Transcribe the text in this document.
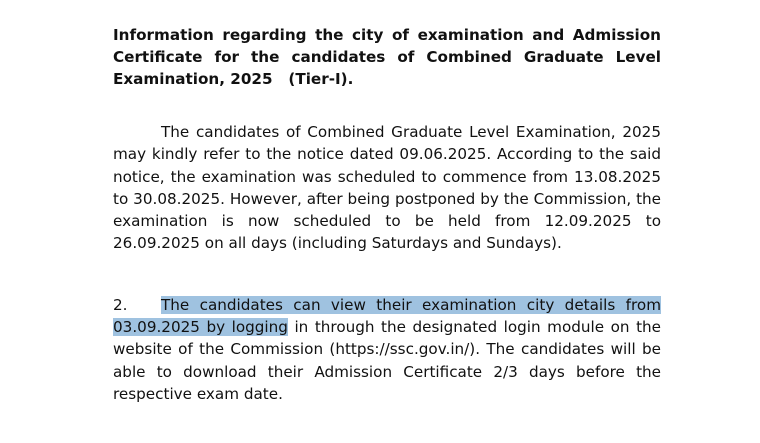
Information regarding the city of examination and Admission Certificate for the candidates of Combined Graduate Level Examination, 2025   (Tier-I).

The candidates of Combined Graduate Level Examination, 2025 may kindly refer to the notice dated 09.06.2025. According to the said notice, the examination was scheduled to commence from 13.08.2025 to 30.08.2025. However, after being postponed by the Commission, the examination is now scheduled to be held from 12.09.2025 to 26.09.2025 on all days (including Saturdays and Sundays).

2. The candidates can view their examination city details from 03.09.2025 by logging in through the designated login module on the website of the Commission (https://ssc.gov.in/). The candidates will be able to download their Admission Certificate 2/3 days before the respective exam date.
